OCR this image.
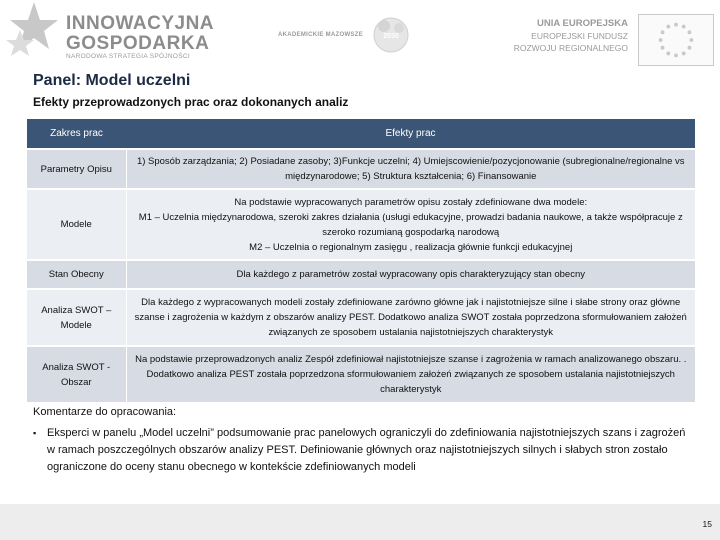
INNOWACYJNA
GOSPODARKA
NARODOWA STRATEGIA SPÓJNOŚCI
AKADEMICKIE MAZOWSZE	2030
UNIA EUROPEJSKA
EUROPEJSKI FUNDUSZ
ROZWOJU REGIONALNEGO
Panel: Model uczelni
Efekty przeprowadzonych prac oraz dokonanych analiz
Zakres prac	Efekty prac
Parametry Opisu	1) Sposób zarządzania; 2) Posiadane zasoby; 3)Funkcje uczelni; 4) Umiejscowienie/pozycjonowanie (subregionalne/regionalne vs międzynarodowe; 5) Struktura kształcenia; 6) Finansowanie
Modele	Na podstawie wypracowanych parametrów opisu zostały zdefiniowane dwa modele:
M1 – Uczelnia międzynarodowa, szeroki zakres działania (usługi edukacyjne, prowadzi badania naukowe, a także współpracuje z szeroko rozumianą gospodarką narodową
M2 – Uczelnia o regionalnym zasięgu , realizacja głównie funkcji edukacyjnej

Stan Obecny	Dla każdego z parametrów został wypracowany opis charakteryzujący stan obecny
Analiza SWOT – Modele	Dla każdego z wypracowanych modeli zostały zdefiniowane zarówno główne jak i najistotniejsze silne i słabe strony oraz główne szanse i zagrożenia w każdym z obszarów analizy PEST. Dodatkowo analiza SWOT została poprzedzona sformułowaniem założeń związanych ze sposobem ustalania najistotniejszych charakterystyk
Analiza SWOT - Obszar	Na podstawie przeprowadzonych analiz Zespół zdefiniował najistotniejsze szanse i zagrożenia w ramach analizowanego obszaru. . Dodatkowo analiza PEST została poprzedzona sformułowaniem założeń związanych ze sposobem ustalania najistotniejszych charakterystyk
Komentarze do opracowania:
▪ Eksperci w panelu „Model uczelni” podsumowanie prac panelowych ograniczyli do zdefiniowania najistotniejszych szans i zagrożeń w ramach poszczególnych obszarów analizy PEST. Definiowanie głównych oraz najistotniejszych silnych i słabych stron zostało ograniczone do oceny stanu obecnego w kontekście zdefiniowanych modeli
15
